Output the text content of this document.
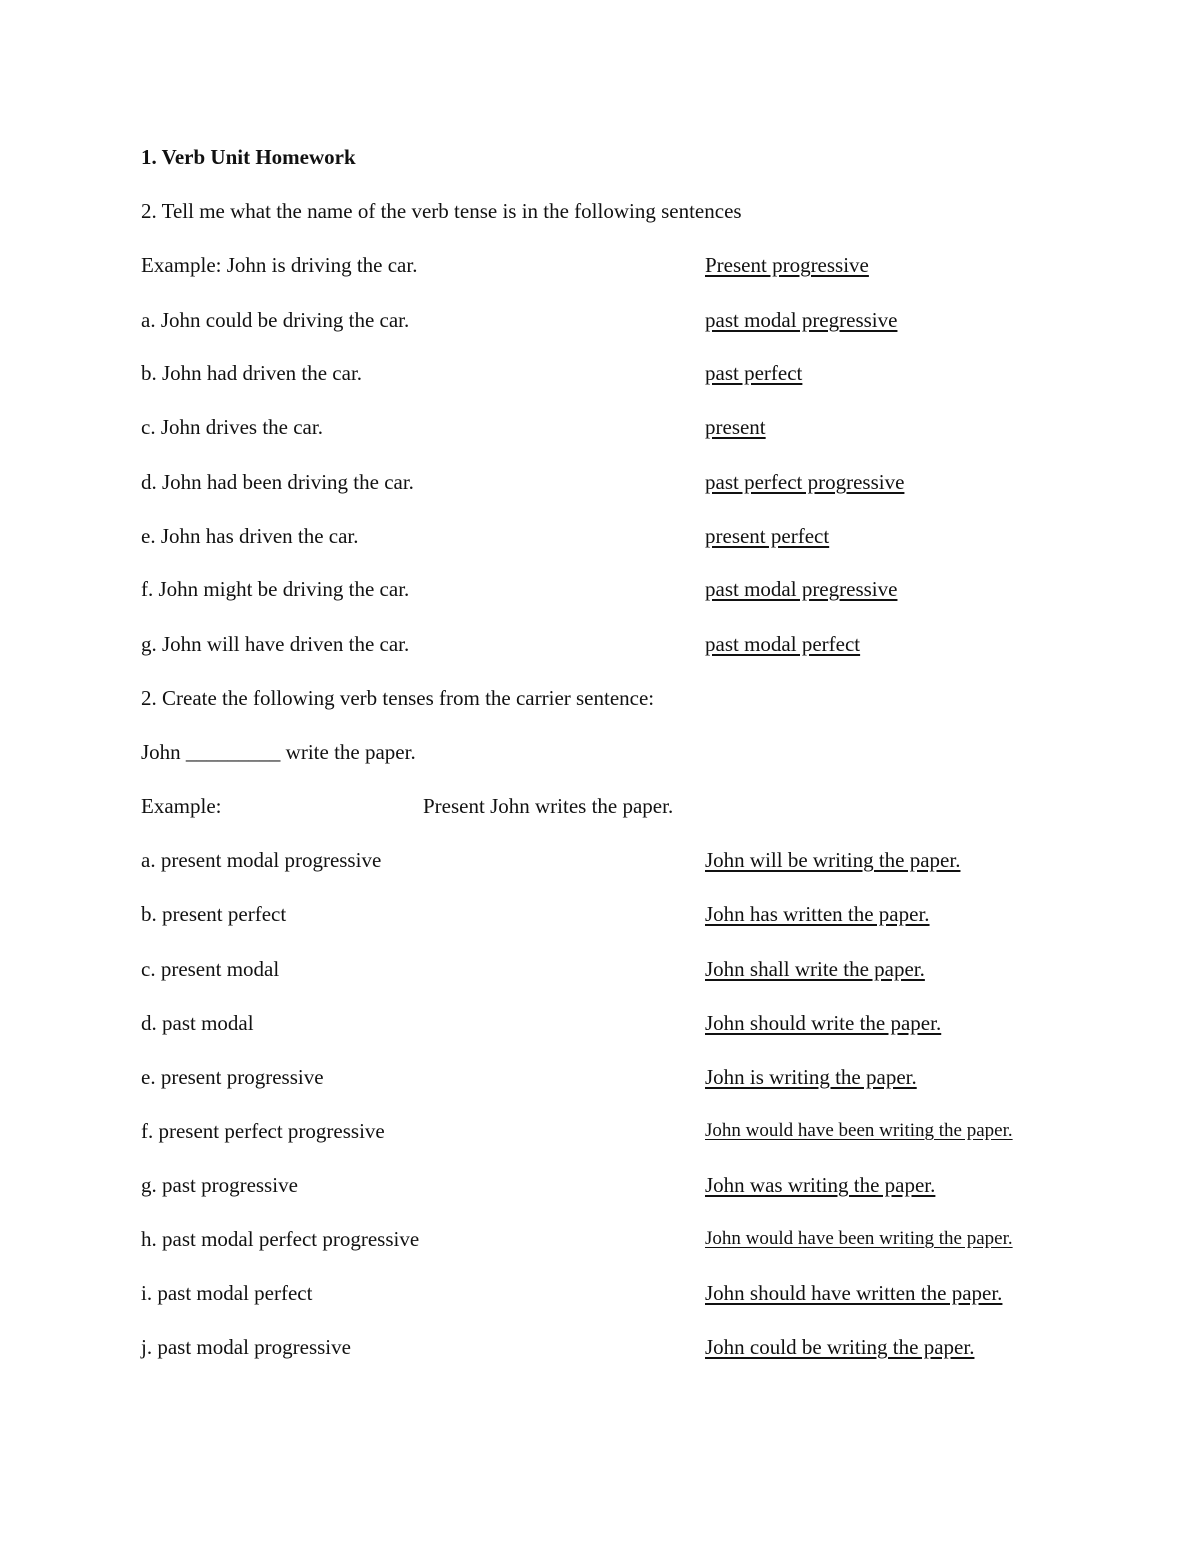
1. Verb Unit Homework
2. Tell me what the name of the verb tense is in the following sentences
Example: John is driving the car.	Present progressive
a. John could be driving the car.	past modal pregressive
b. John had driven the car.	past perfect
c. John drives the car.	present
d. John had been driving the car.	past perfect progressive
e. John has driven the car.	present perfect
f. John might be driving the car.	past modal pregressive
g. John will have driven the car.	past modal perfect
2. Create the following verb tenses from the carrier sentence:
John _________ write the paper.
Example:	Present John writes the paper.
a. present modal progressive	John will be writing the paper.
b. present perfect	John has written the paper.
c. present modal	John shall write the paper.
d. past modal	John should write the paper.
e. present progressive	John is writing the paper.
f. present perfect progressive	John would have been writing the paper.
g. past progressive	John was writing the paper.
h. past modal perfect progressive	John would have been writing the paper.
i. past modal perfect	John should have written the paper.
j. past modal progressive	John could be writing the paper.
